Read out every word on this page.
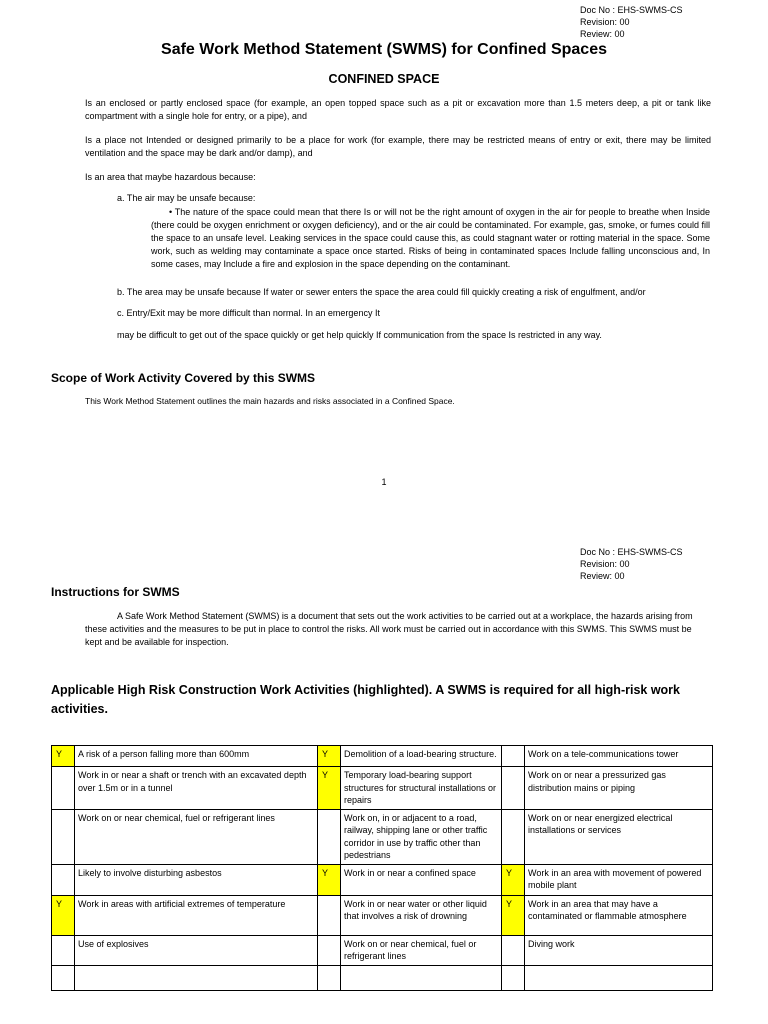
Doc No : EHS-SWMS-CS
Revision: 00
Review: 00
Safe Work Method Statement (SWMS) for Confined Spaces
CONFINED SPACE
Is an enclosed or partly enclosed space (for example, an open topped space such as a pit or excavation more than 1.5 meters deep, a pit or tank like compartment with a single hole for entry, or a pipe), and
Is a place not Intended or designed primarily to be a place for work (for example, there may be restricted means of entry or exit, there may be limited ventilation and the space may be dark and/or damp), and
Is an area that maybe hazardous because:
a. The air may be unsafe because:
• The nature of the space could mean that there Is or will not be the right amount of oxygen in the air for people to breathe when Inside (there could be oxygen enrichment or oxygen deficiency), and or the air could be contaminated. For example, gas, smoke, or fumes could fill the space to an unsafe level. Leaking services in the space could cause this, as could stagnant water or rotting material in the space. Some work, such as welding may contaminate a space once started. Risks of being in contaminated spaces Include falling unconscious and, In some cases, may Include a fire and explosion in the space depending on the contaminant.
b. The area may be unsafe because If water or sewer enters the space the area could fill quickly creating a risk of engulfment, and/or
c. Entry/Exit may be more difficult than normal. In an emergency It
may be difficult to get out of the space quickly or get help quickly If communication from the space Is restricted in any way.
Scope of Work Activity Covered by this SWMS
This Work Method Statement outlines the main hazards and risks associated in a Confined Space.
1
Doc No : EHS-SWMS-CS
Revision: 00
Review: 00
Instructions for SWMS
A Safe Work Method Statement (SWMS) is a document that sets out the work activities to be carried out at a workplace, the hazards arising from these activities and the measures to be put in place to control the risks. All work must be carried out in accordance with this SWMS. This SWMS must be kept and be available for inspection.
Applicable High Risk Construction Work Activities (highlighted). A SWMS is required for all high-risk work activities.
Y	A risk of a person falling more than 600mm	Y	Demolition of a load-bearing structure.		Work on a tele-communications tower
	Work in or near a shaft or trench with an excavated depth over 1.5m or in a tunnel	Y	Temporary load-bearing support structures for structural installations or repairs		Work on or near a pressurized gas distribution mains or piping
	Work on or near chemical, fuel or refrigerant lines		Work on, in or adjacent to a road, railway, shipping lane or other traffic corridor in use by traffic other than pedestrians		Work on or near energized electrical installations or services
	Likely to involve disturbing asbestos	Y	Work in or near a confined space	Y	Work in an area with movement of powered mobile plant
Y	Work in areas with artificial extremes of temperature		Work in or near water or other liquid that involves a risk of drowning	Y	Work in an area that may have a contaminated or flammable atmosphere
	Use of explosives		Work on or near chemical, fuel or refrigerant lines		Diving work
